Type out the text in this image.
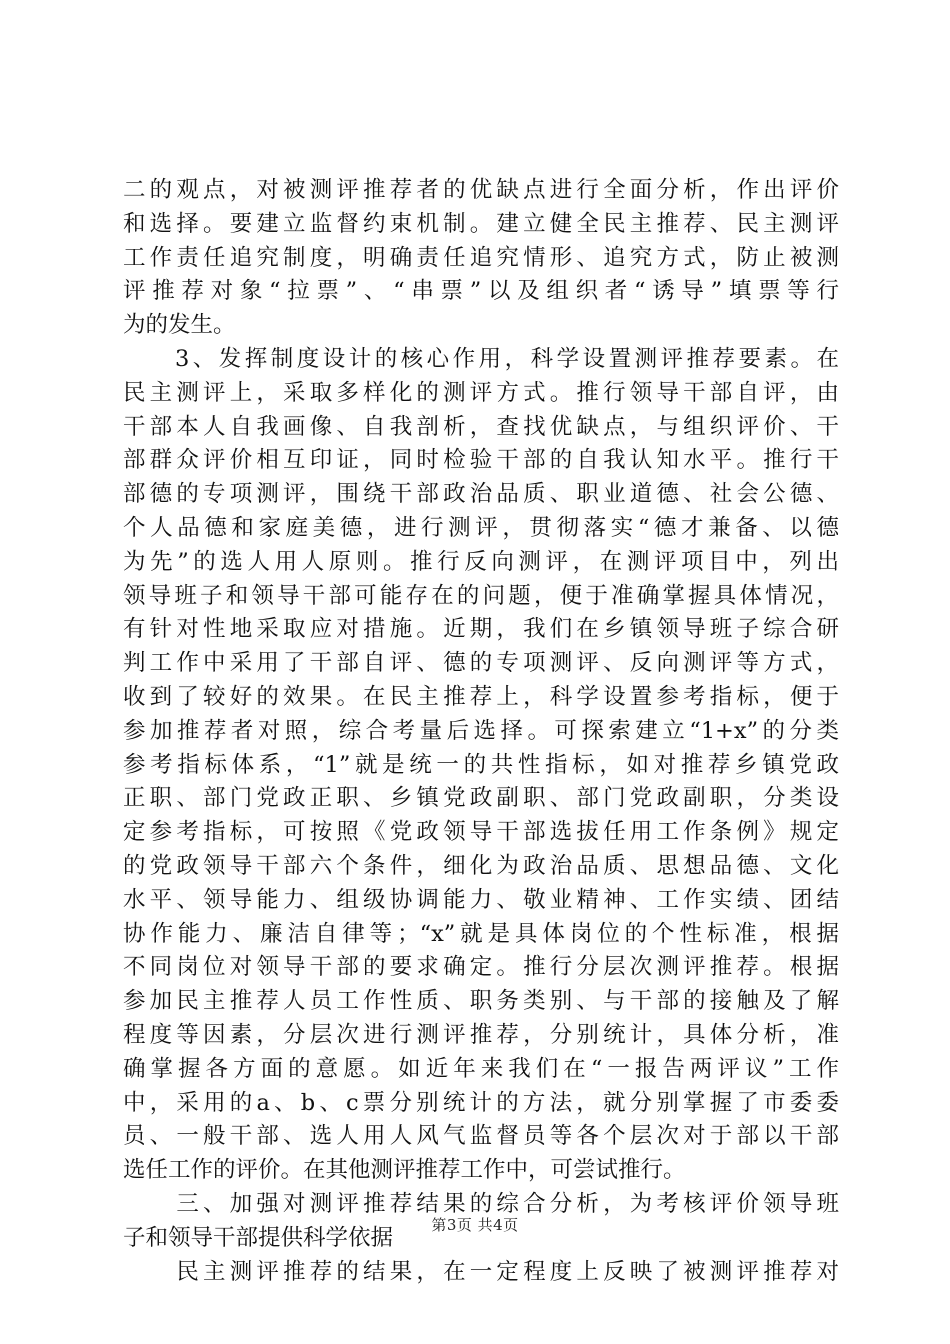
二的观点，对被测评推荐者的优缺点进行全面分析，作出评价
和选择。要建立监督约束机制。建立健全民主推荐、民主测评
工作责任追究制度，明确责任追究情形、追究方式，防止被测
评推荐对象“拉票”、“串票”以及组织者“诱导”填票等行
为的发生。
　　3、发挥制度设计的核心作用，科学设置测评推荐要素。在
民主测评上，采取多样化的测评方式。推行领导干部自评，由
干部本人自我画像、自我剖析，查找优缺点，与组织评价、干
部群众评价相互印证，同时检验干部的自我认知水平。推行干
部德的专项测评，围绕干部政治品质、职业道德、社会公德、
个人品德和家庭美德，进行测评，贯彻落实“德才兼备、以德
为先”的选人用人原则。推行反向测评，在测评项目中，列出
领导班子和领导干部可能存在的问题，便于准确掌握具体情况，
有针对性地采取应对措施。近期，我们在乡镇领导班子综合研
判工作中采用了干部自评、德的专项测评、反向测评等方式，
收到了较好的效果。在民主推荐上，科学设置参考指标，便于
参加推荐者对照，综合考量后选择。可探索建立“1+x”的分类
参考指标体系，“1”就是统一的共性指标，如对推荐乡镇党政
正职、部门党政正职、乡镇党政副职、部门党政副职，分类设
定参考指标，可按照《党政领导干部选拔任用工作条例》规定
的党政领导干部六个条件，细化为政治品质、思想品德、文化
水平、领导能力、组级协调能力、敬业精神、工作实绩、团结
协作能力、廉洁自律等；“x”就是具体岗位的个性标准，根据
不同岗位对领导干部的要求确定。推行分层次测评推荐。根据
参加民主推荐人员工作性质、职务类别、与干部的接触及了解
程度等因素，分层次进行测评推荐，分别统计，具体分析，准
确掌握各方面的意愿。如近年来我们在“一报告两评议”工作
中，采用的a、b、c票分别统计的方法，就分别掌握了市委委
员、一般干部、选人用人风气监督员等各个层次对于部以干部
选任工作的评价。在其他测评推荐工作中，可尝试推行。
　　三、加强对测评推荐结果的综合分析，为考核评价领导班
子和领导干部提供科学依据
　　民主测评推荐的结果，在一定程度上反映了被测评推荐对
第3页 共4页
